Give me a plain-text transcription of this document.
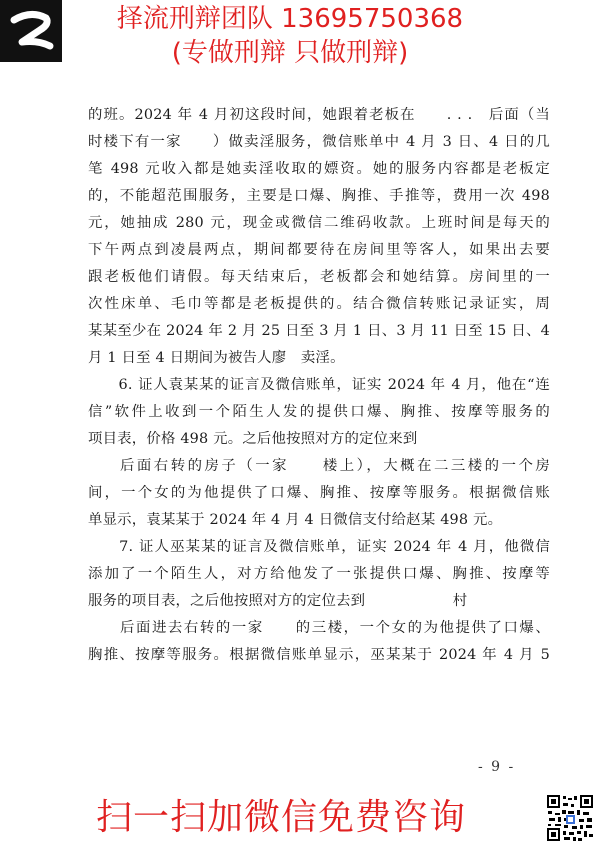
择流刑辩团队 13695750368
(专做刑辩 只做刑辩)
的班。2024 年 4 月初这段时间，她跟着老板在　　. . .　后面（当
时楼下有一家　　）做卖淫服务，微信账单中 4 月 3 日、4 日的几
笔 498 元收入都是她卖淫收取的嫖资。她的服务内容都是老板定
的，不能超范围服务，主要是口爆、胸推、手推等，费用一次 498
元，她抽成 280 元，现金或微信二维码收款。上班时间是每天的
下午两点到凌晨两点，期间都要待在房间里等客人，如果出去要
跟老板他们请假。每天结束后，老板都会和她结算。房间里的一
次性床单、毛巾等都是老板提供的。结合微信转账记录证实，周
某某至少在 2024 年 2 月 25 日至 3 月 1 日、3 月 11 日至 15 日、4
月 1 日至 4 日期间为被告人廖　卖淫。
　　6. 证人袁某某的证言及微信账单，证实 2024 年 4 月，他在“连
信”软件上收到一个陌生人发的提供口爆、胸推、按摩等服务的
项目表，价格 498 元。之后他按照对方的定位来到
后面右转的房子（一家　　楼上），大概在二三楼的一个房
间，一个女的为他提供了口爆、胸推、按摩等服务。根据微信账
单显示，袁某某于 2024 年 4 月 4 日微信支付给赵某 498 元。
　　7. 证人巫某某的证言及微信账单，证实 2024 年 4 月，他微信
添加了一个陌生人，对方给他发了一张提供口爆、胸推、按摩等
服务的项目表，之后他按照对方的定位去到　　　　　　村
后面进去右转的一家　　的三楼，一个女的为他提供了口爆、
胸推、按摩等服务。根据微信账单显示，巫某某于 2024 年 4 月 5
- 9 -
扫一扫加微信免费咨询
